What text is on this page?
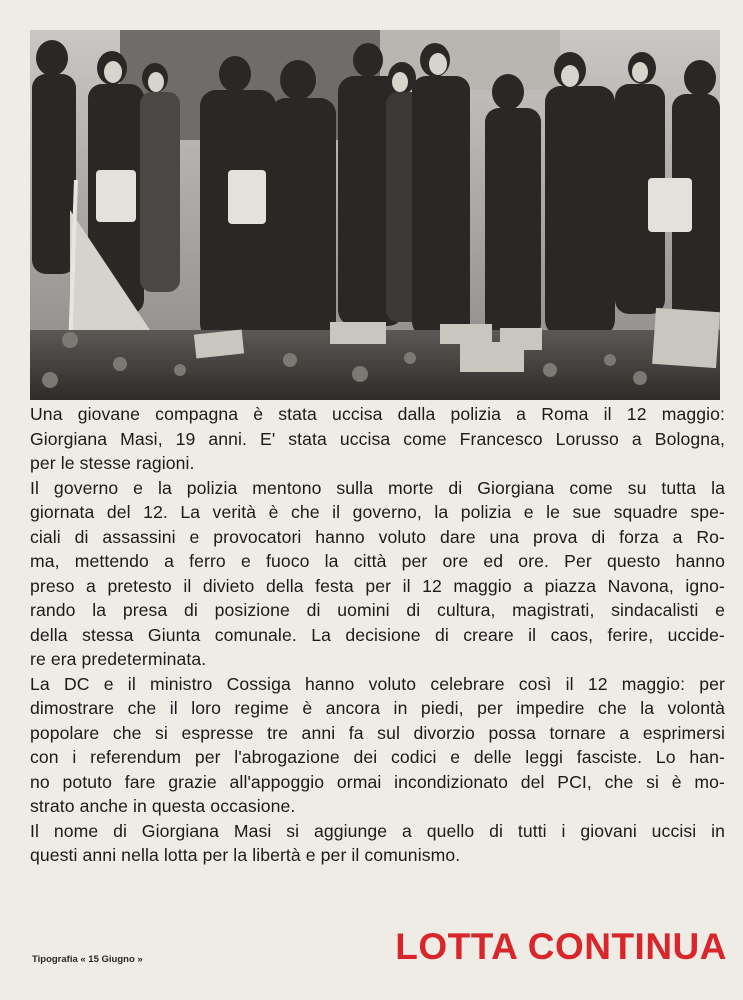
Una giovane compagna è stata uccisa dalla polizia a Roma il 12 maggio:
Giorgiana Masi, 19 anni. E' stata uccisa come Francesco Lorusso a Bologna,
per le stesse ragioni.

Il governo e la polizia mentono sulla morte di Giorgiana come su tutta la
giornata del 12. La verità è che il governo, la polizia e le sue squadre spe-
ciali di assassini e provocatori hanno voluto dare una prova di forza a Ro-
ma, mettendo a ferro e fuoco la città per ore ed ore. Per questo hanno
preso a pretesto il divieto della festa per il 12 maggio a piazza Navona, igno-
rando la presa di posizione di uomini di cultura, magistrati, sindacalisti e
della stessa Giunta comunale. La decisione di creare il caos, ferire, uccide-
re era predeterminata.

La DC e il ministro Cossiga hanno voluto celebrare così il 12 maggio: per
dimostrare che il loro regime è ancora in piedi, per impedire che la volontà
popolare che si espresse tre anni fa sul divorzio possa tornare a esprimersi
con i referendum per l'abrogazione dei codici e delle leggi fasciste. Lo han-
no potuto fare grazie all'appoggio ormai incondizionato del PCI, che si è mo-
strato anche in questa occasione.

Il nome di Giorgiana Masi si aggiunge a quello di tutti i giovani uccisi in
questi anni nella lotta per la libertà e per il comunismo.

Tipografia « 15 Giugno »	LOTTA CONTINUA
